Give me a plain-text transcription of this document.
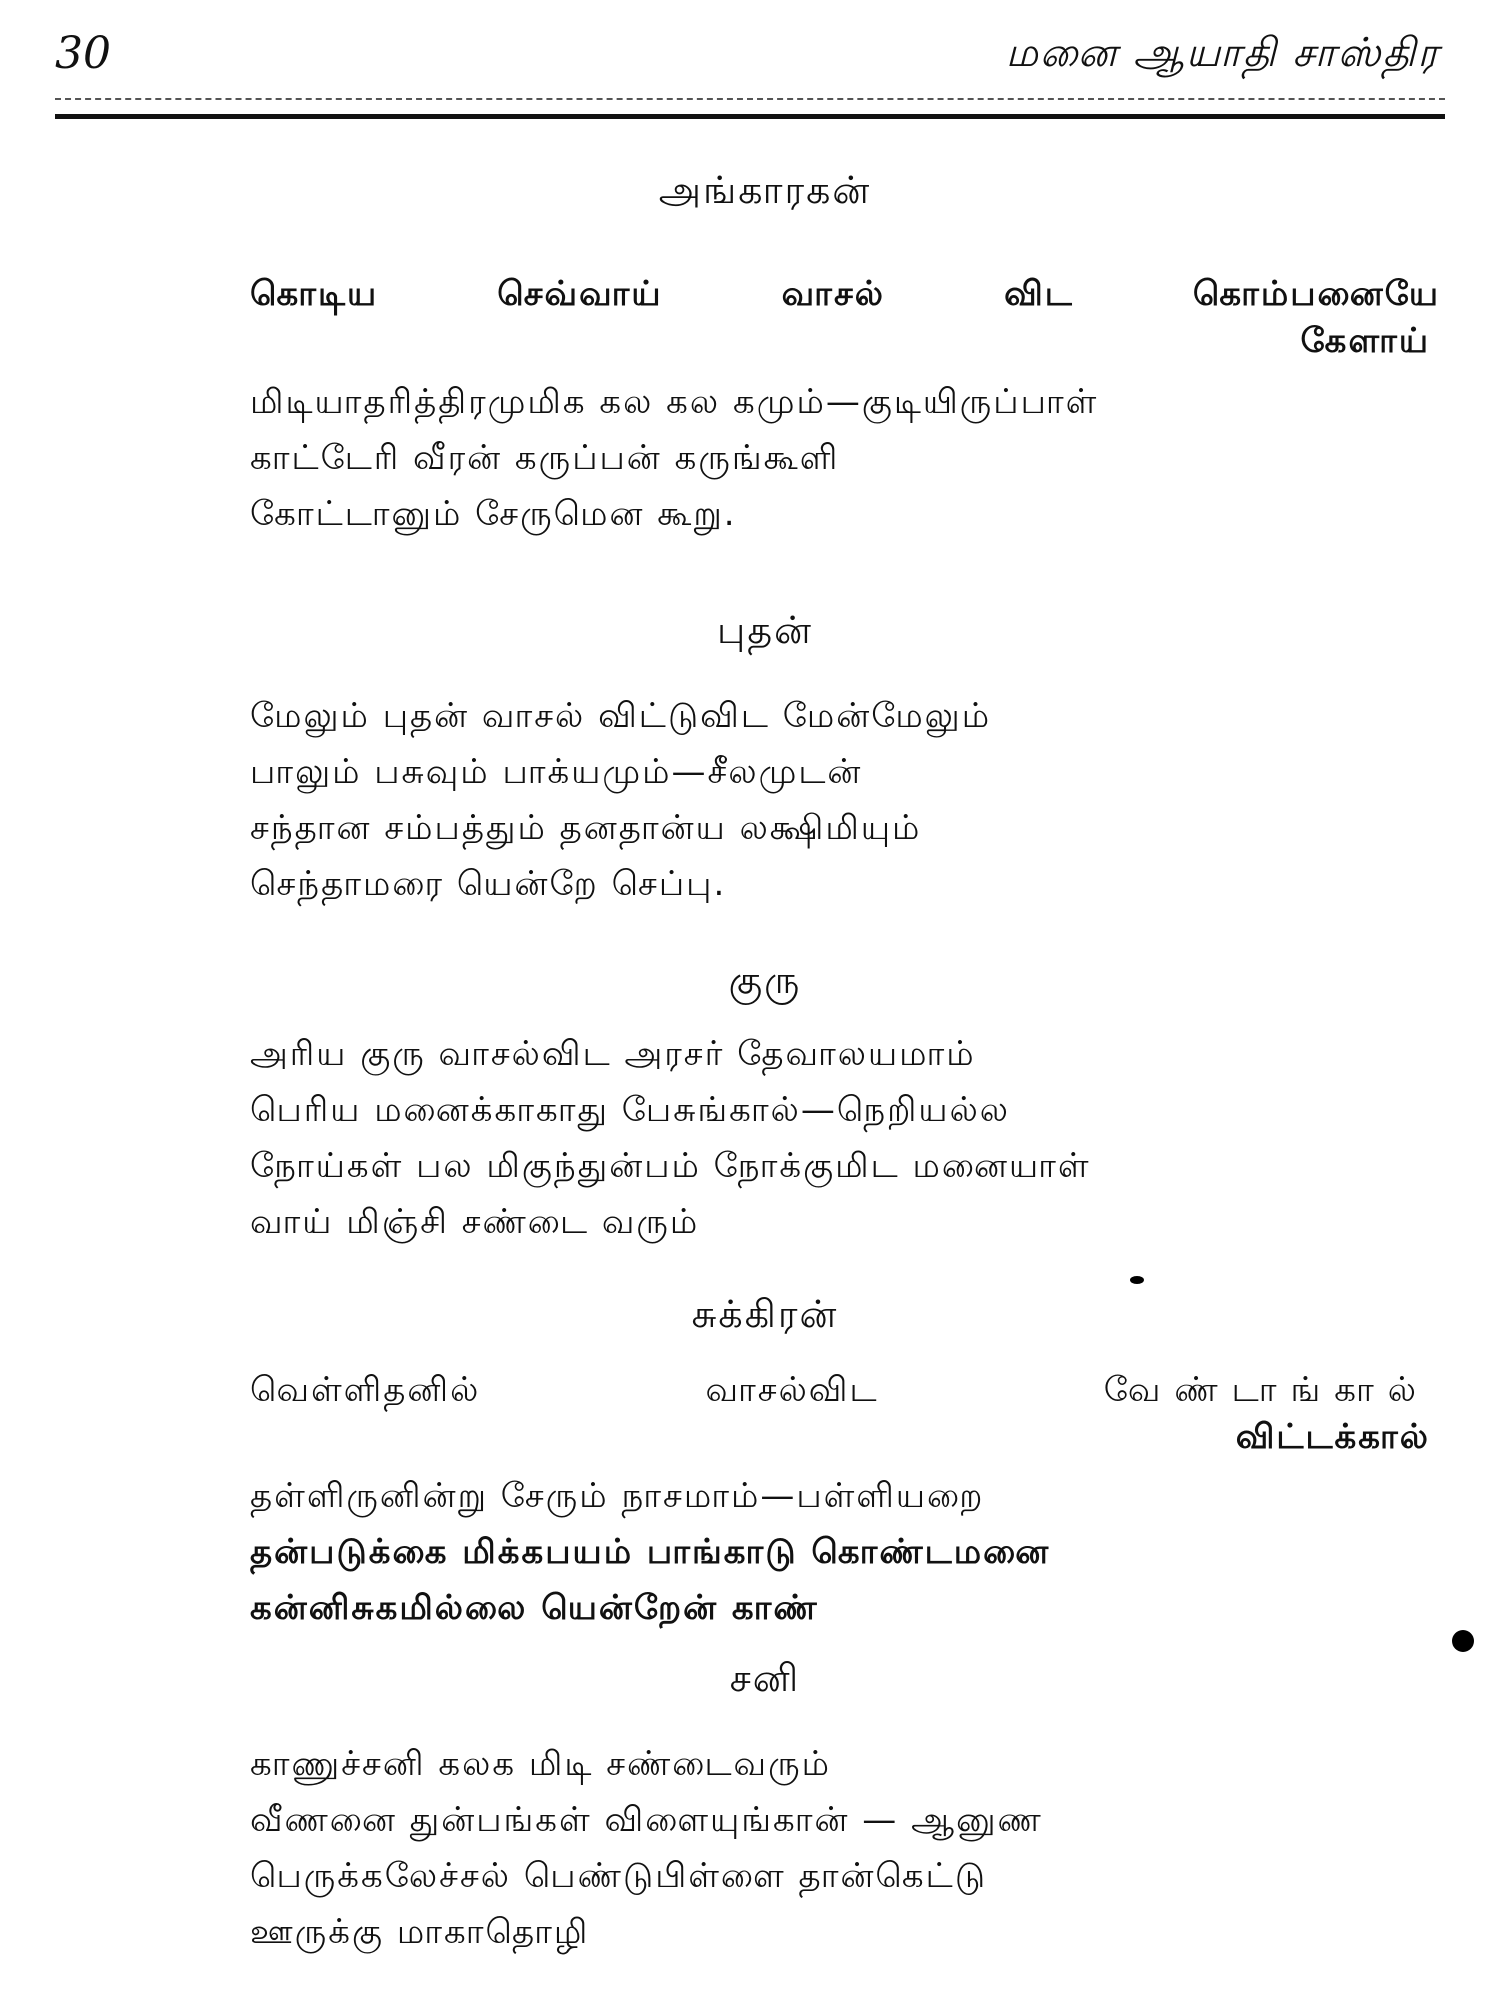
30	மனை ஆயாதி சாஸ்திர
அங்காரகன்
கொடிய	செவ்வாய்	வாசல்	விட	கொம்பனையே
கேளாய்
மிடியாதரித்திரமுமிக கல கல கமும்—குடியிருப்பாள்
காட்டேரி வீரன் கருப்பன் கருங்கூளி
கோட்டானும் சேருமென கூறு.
புதன்
மேலும் புதன் வாசல் விட்டுவிட மேன்மேலும்
பாலும் பசுவும் பாக்யமும்—சீலமுடன்
சந்தான சம்பத்தும் தனதான்ய லக்ஷிமியும்
செந்தாமரை யென்றே செப்பு.
குரு
அரிய குரு வாசல்விட அரசர் தேவாலயமாம்
பெரிய மனைக்காகாது பேசுங்கால்—நெறியல்ல
நோய்கள் பல மிகுந்துன்பம் நோக்குமிட மனையாள்
வாய் மிஞ்சி சண்டை வரும்
சுக்கிரன்
வெள்ளிதனில்	வாசல்விட	வேண்டாங்கால்
விட்டக்கால்
தள்ளிருனின்று சேரும் நாசமாம்—பள்ளியறை
தன்படுக்கை மிக்கபயம் பாங்காடு கொண்டமனை
கன்னிசுகமில்லை யென்றேன் காண்
சனி
காணுச்சனி கலக மிடி சண்டைவரும்
வீணனை துன்பங்கள் விளையுங்கான் — ஆனுண
பெருக்கலேச்சல் பெண்டுபிள்ளை தான்கெட்டு
ஊருக்கு மாகாதொழி
